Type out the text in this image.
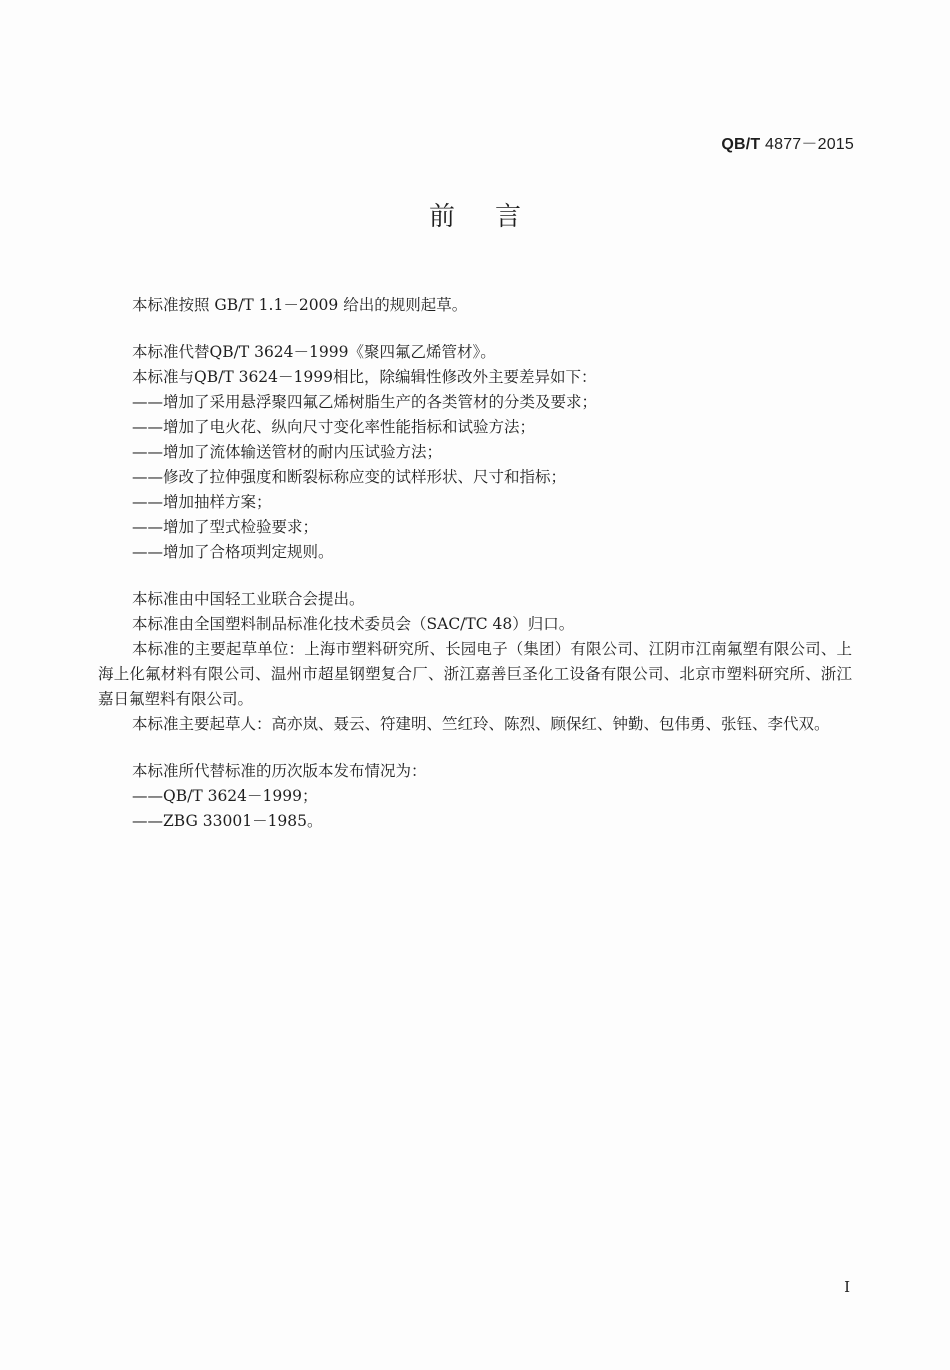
QB/T 4877－2015
前言

本标准按照 GB/T 1.1－2009 给出的规则起草。

本标准代替QB/T 3624－1999《聚四氟乙烯管材》。

本标准与QB/T 3624－1999相比，除编辑性修改外主要差异如下：

——增加了采用悬浮聚四氟乙烯树脂生产的各类管材的分类及要求；

——增加了电火花、纵向尺寸变化率性能指标和试验方法；

——增加了流体输送管材的耐内压试验方法；

——修改了拉伸强度和断裂标称应变的试样形状、尺寸和指标；

——增加抽样方案；

——增加了型式检验要求；

——增加了合格项判定规则。

本标准由中国轻工业联合会提出。

本标准由全国塑料制品标准化技术委员会（SAC/TC 48）归口。

本标准的主要起草单位：上海市塑料研究所、长园电子（集团）有限公司、江阴市江南氟塑有限公司、上海上化氟材料有限公司、温州市超星钢塑复合厂、浙江嘉善巨圣化工设备有限公司、北京市塑料研究所、浙江嘉日氟塑料有限公司。

本标准主要起草人：高亦岚、聂云、符建明、竺红玲、陈烈、顾保红、钟勤、包伟勇、张钰、李代双。

本标准所代替标准的历次版本发布情况为：

——QB/T 3624－1999；

——ZBG 33001－1985。

I
